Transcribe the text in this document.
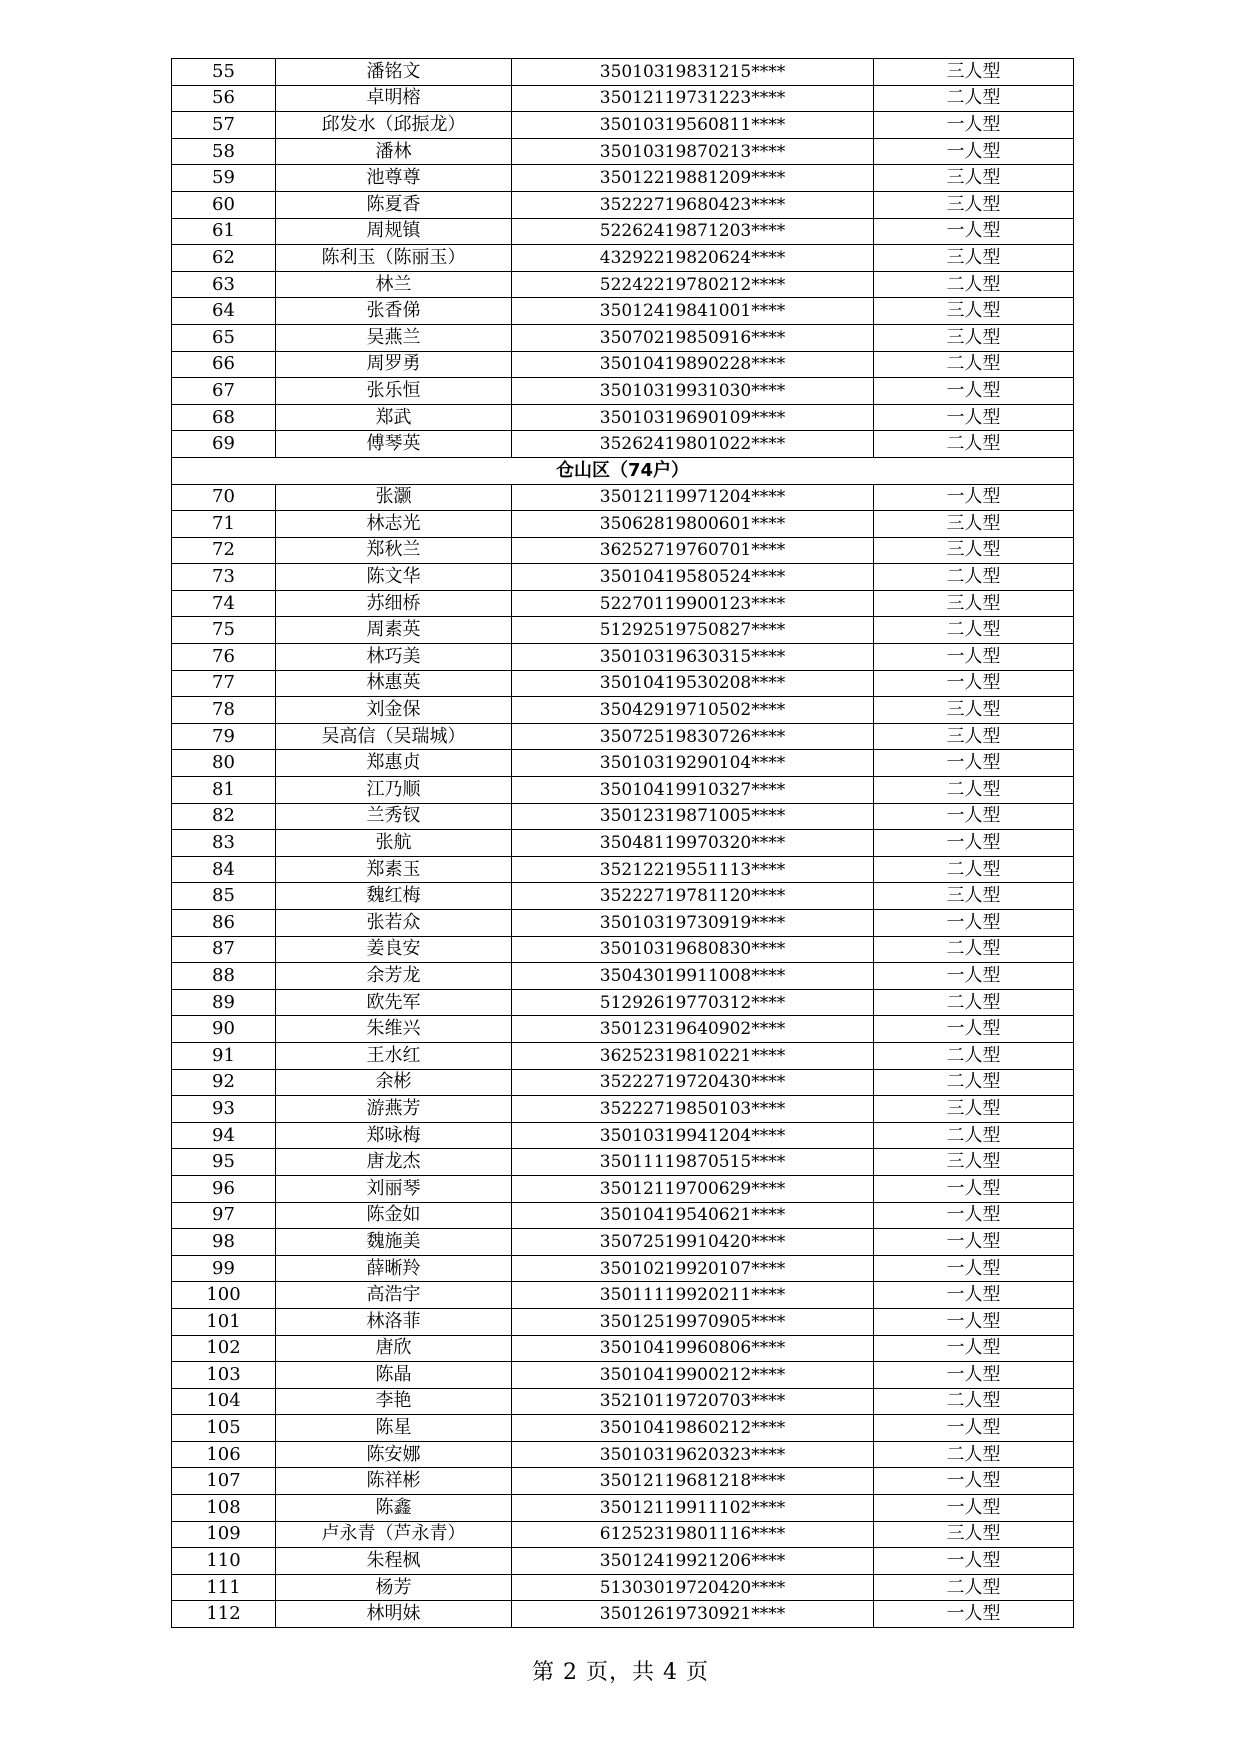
55	潘铭文	35010319831215****	三人型
56	卓明榕	35012119731223****	二人型
57	邱发水（邱振龙）	35010319560811****	一人型
58	潘林	35010319870213****	一人型
59	池尊尊	35012219881209****	三人型
60	陈夏香	35222719680423****	三人型
61	周规镇	52262419871203****	一人型
62	陈利玉（陈丽玉）	43292219820624****	三人型
63	林兰	52242219780212****	二人型
64	张香俤	35012419841001****	三人型
65	吴燕兰	35070219850916****	三人型
66	周罗勇	35010419890228****	二人型
67	张乐恒	35010319931030****	一人型
68	郑武	35010319690109****	一人型
69	傅琴英	35262419801022****	二人型
仓山区（74户）			
70	张灏	35012119971204****	一人型
71	林志光	35062819800601****	三人型
72	郑秋兰	36252719760701****	三人型
73	陈文华	35010419580524****	二人型
74	苏细桥	52270119900123****	三人型
75	周素英	51292519750827****	二人型
76	林巧美	35010319630315****	一人型
77	林惠英	35010419530208****	一人型
78	刘金保	35042919710502****	三人型
79	吴高信（吴瑞城）	35072519830726****	三人型
80	郑惠贞	35010319290104****	一人型
81	江乃顺	35010419910327****	二人型
82	兰秀钗	35012319871005****	一人型
83	张航	35048119970320****	一人型
84	郑素玉	35212219551113****	二人型
85	魏红梅	35222719781120****	三人型
86	张若众	35010319730919****	一人型
87	姜良安	35010319680830****	二人型
88	余芳龙	35043019911008****	一人型
89	欧先军	51292619770312****	二人型
90	朱维兴	35012319640902****	一人型
91	王水红	36252319810221****	二人型
92	余彬	35222719720430****	二人型
93	游燕芳	35222719850103****	三人型
94	郑咏梅	35010319941204****	二人型
95	唐龙杰	35011119870515****	三人型
96	刘丽琴	35012119700629****	一人型
97	陈金如	35010419540621****	一人型
98	魏施美	35072519910420****	一人型
99	薛晰羚	35010219920107****	一人型
100	高浩宇	35011119920211****	一人型
101	林洛菲	35012519970905****	一人型
102	唐欣	35010419960806****	一人型
103	陈晶	35010419900212****	一人型
104	李艳	35210119720703****	二人型
105	陈星	35010419860212****	一人型
106	陈安娜	35010319620323****	二人型
107	陈祥彬	35012119681218****	一人型
108	陈鑫	35012119911102****	一人型
109	卢永青（芦永青）	61252319801116****	三人型
110	朱程枫	35012419921206****	一人型
111	杨芳	51303019720420****	二人型
112	林明妹	35012619730921****	一人型
第 2 页，共 4 页
